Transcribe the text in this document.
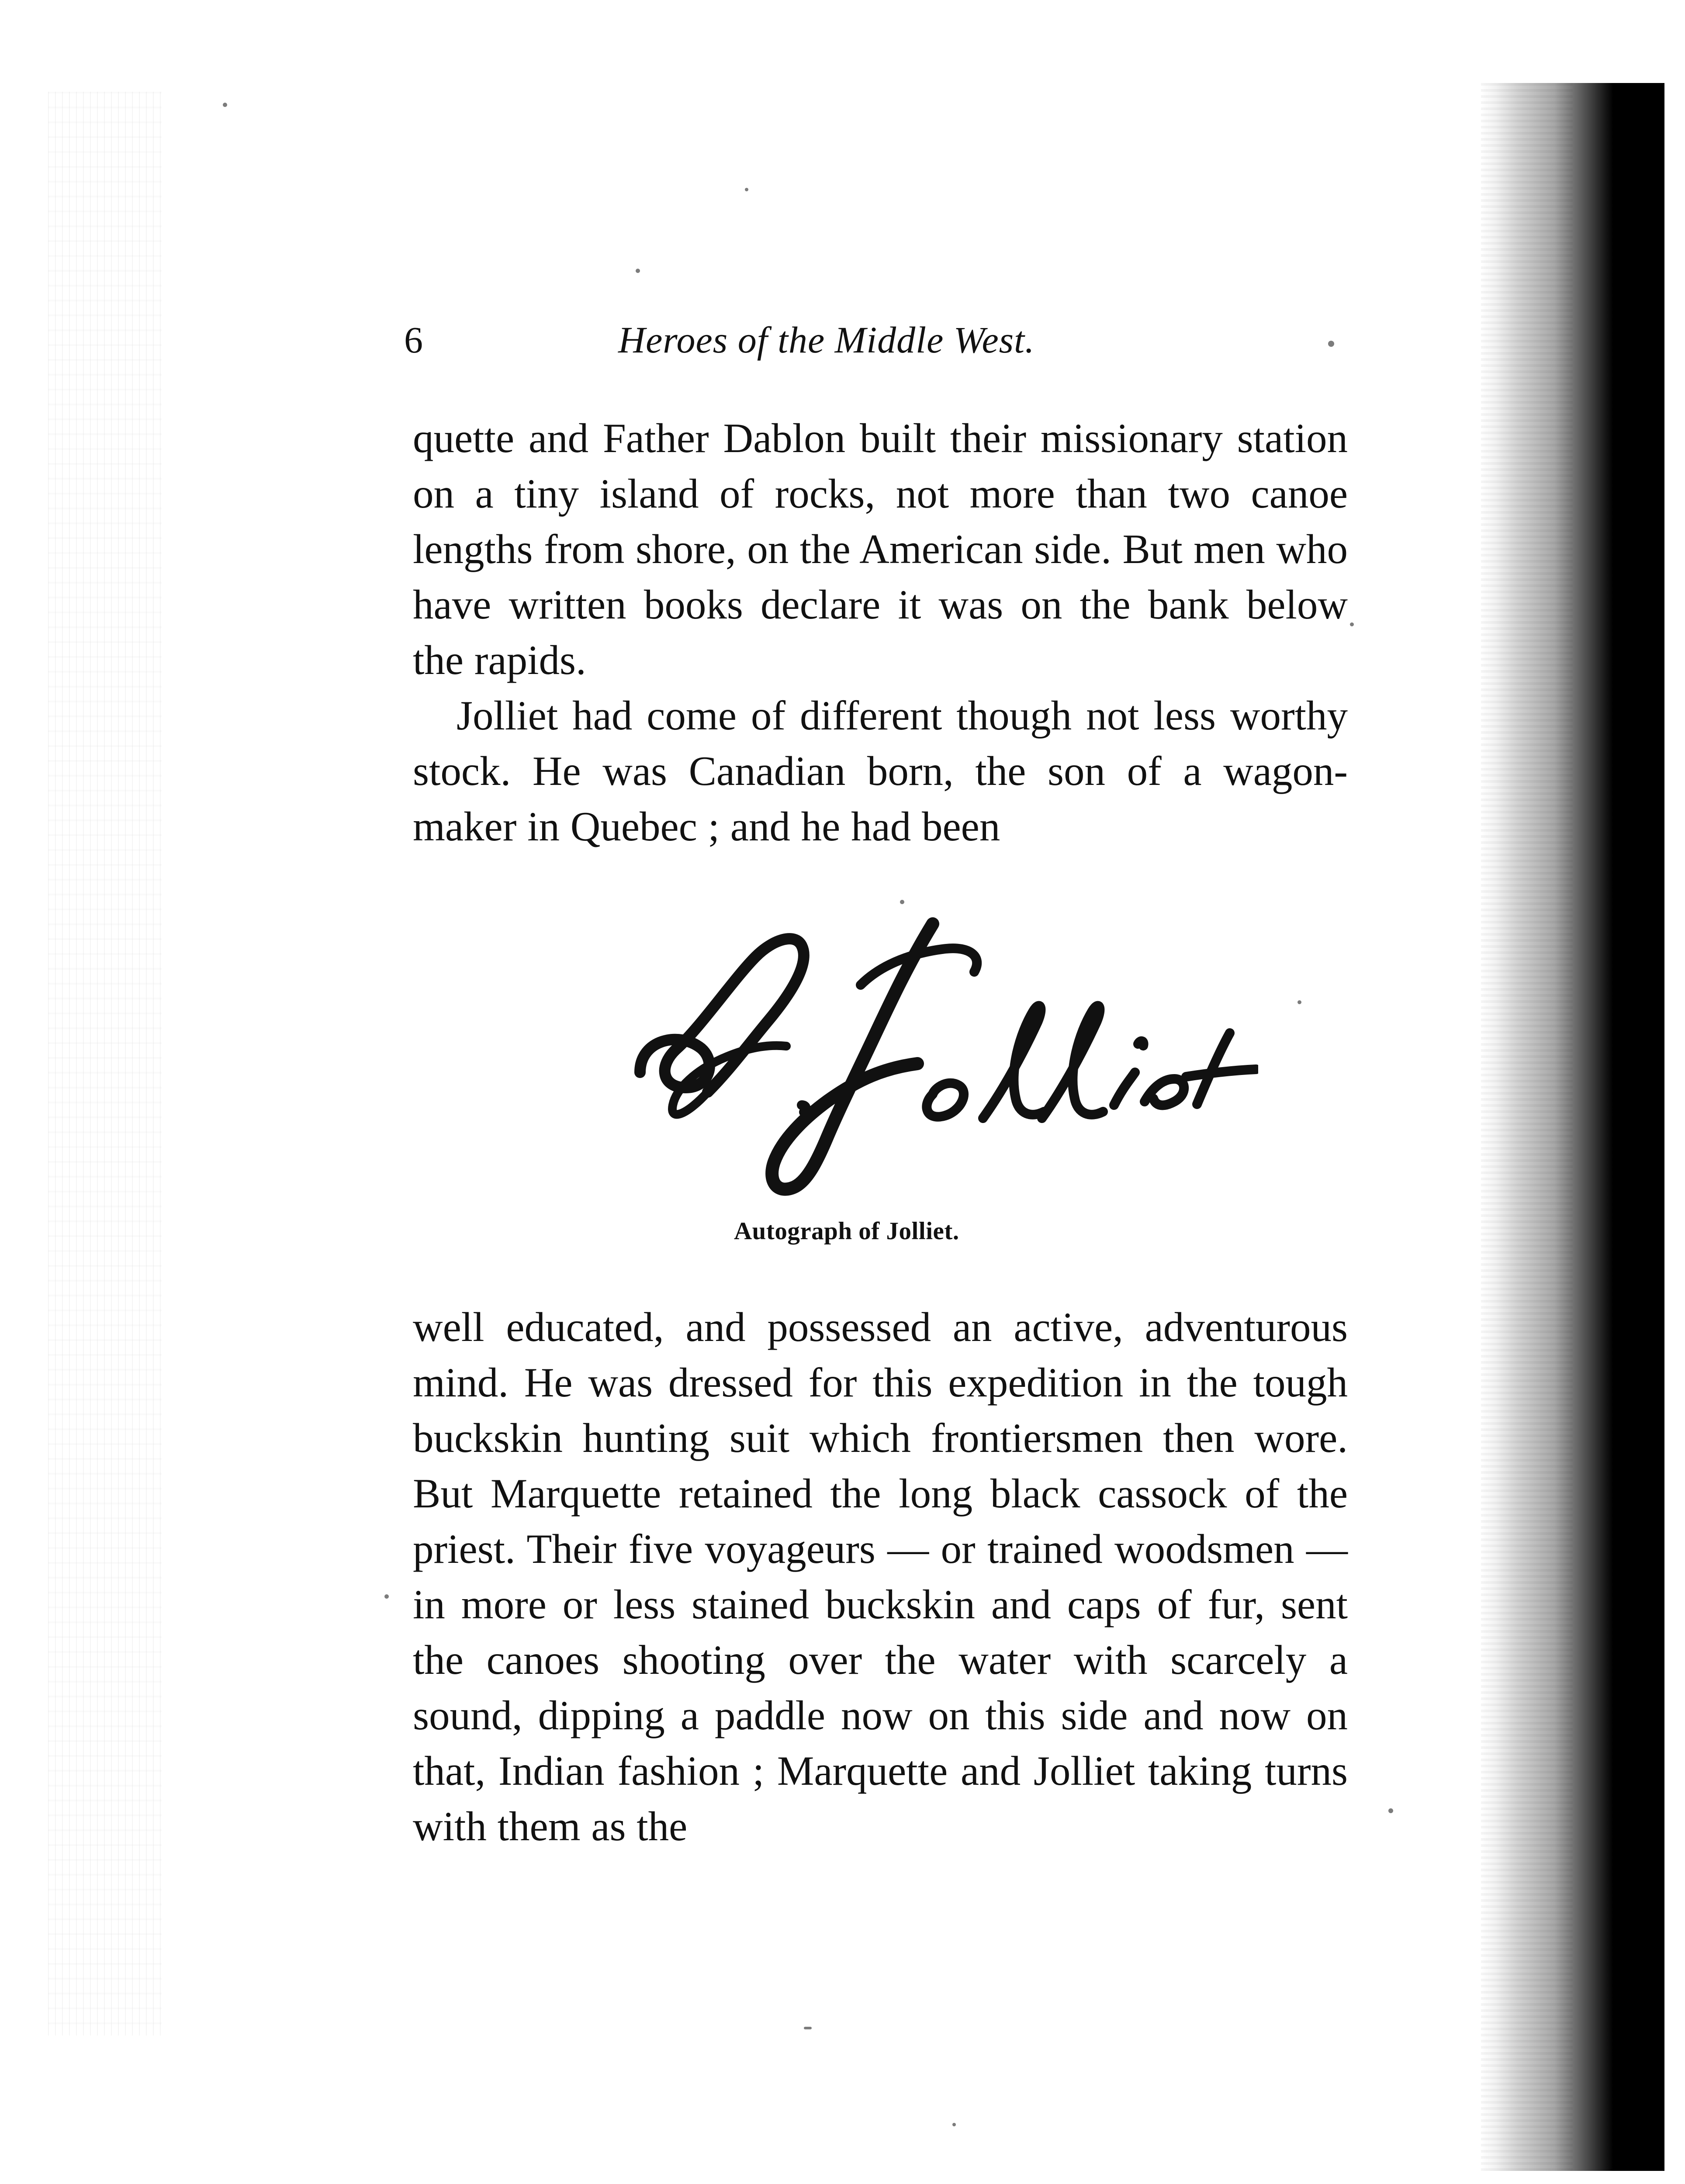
6	Heroes of the Middle West.

quette and Father Dablon built their missionary station on a tiny island of rocks, not more than two canoe lengths from shore, on the American side. But men who have written books declare it was on the bank below the rapids.

Jolliet had come of different though not less worthy stock. He was Canadian born, the son of a wagon-maker in Quebec ; and he had been

Autograph of Jolliet.

well educated, and possessed an active, adventurous mind. He was dressed for this expedition in the tough buckskin hunting suit which frontiersmen then wore. But Marquette retained the long black cassock of the priest. Their five voyageurs — or trained woodsmen — in more or less stained buckskin and caps of fur, sent the canoes shooting over the water with scarcely a sound, dipping a paddle now on this side and now on that, Indian fashion ; Marquette and Jolliet taking turns with them as the
